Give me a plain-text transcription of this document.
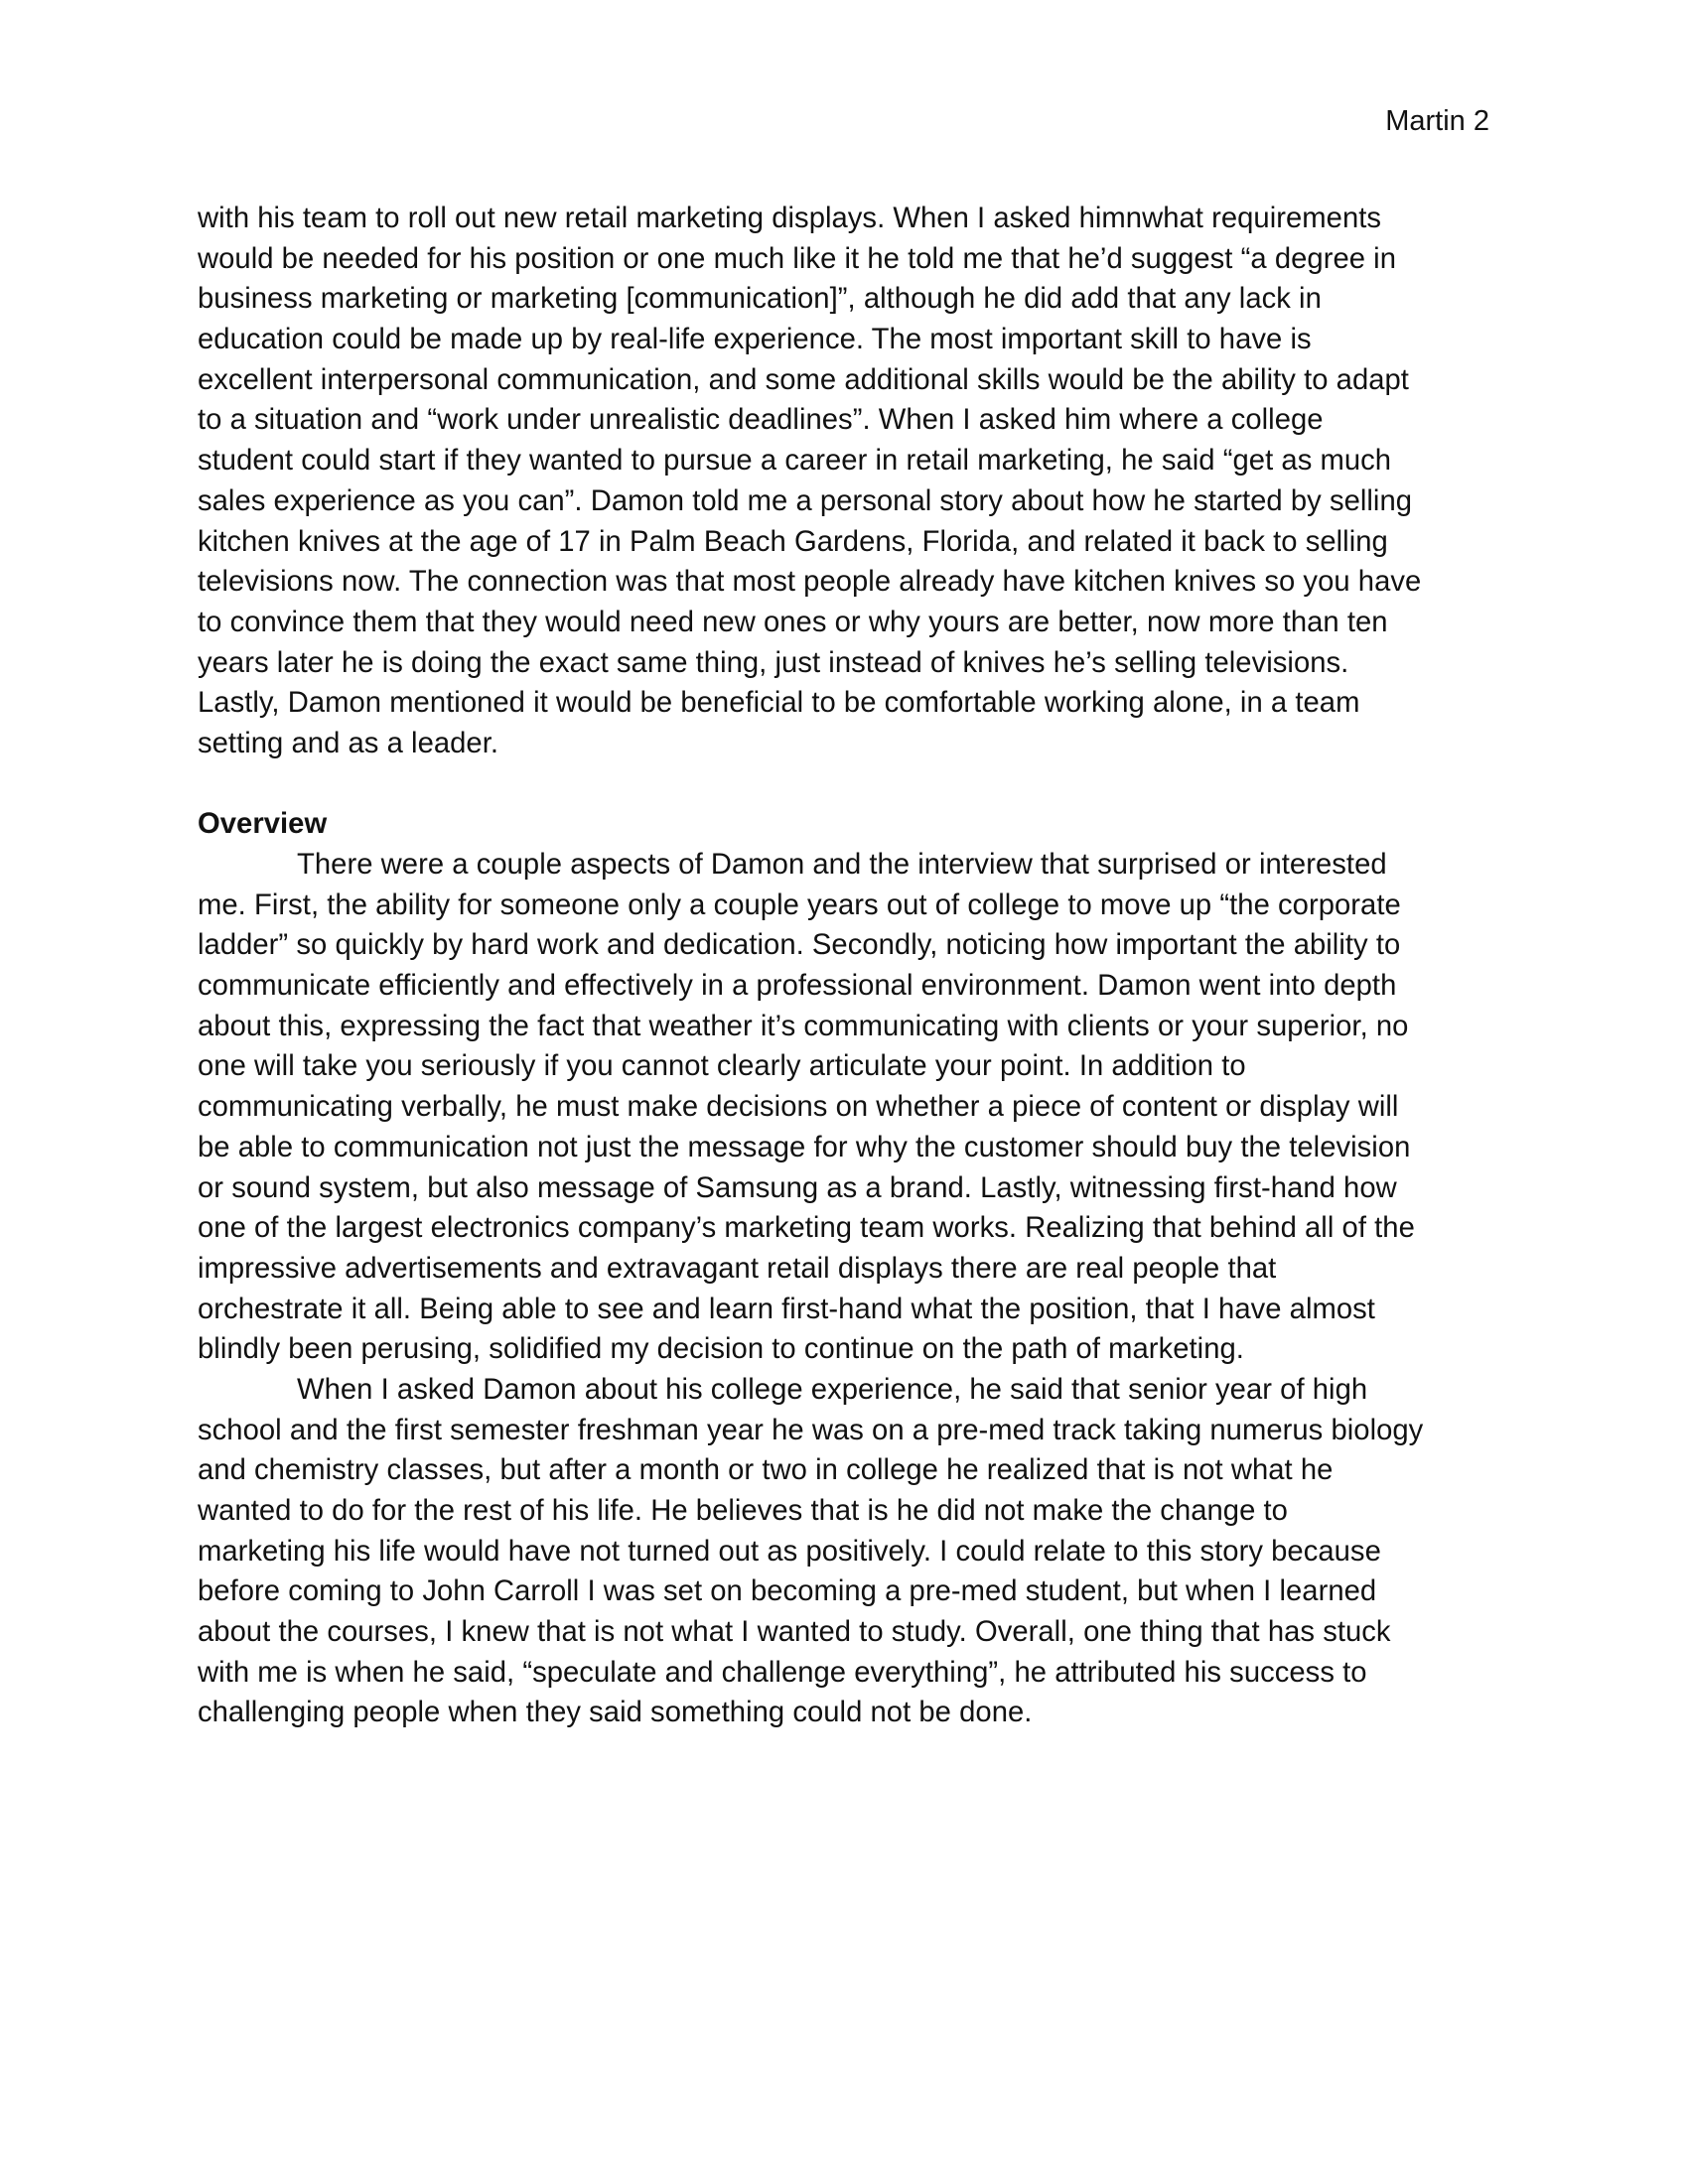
Martin 2
with his team to roll out new retail marketing displays. When I asked himnwhat requirements
would be needed for his position or one much like it he told me that he’d suggest “a degree in
business marketing or marketing [communication]”, although he did add that any lack in
education could be made up by real-life experience. The most important skill to have is
excellent interpersonal communication, and some additional skills would be the ability to adapt
to a situation and “work under unrealistic deadlines”. When I asked him where a college
student could start if they wanted to pursue a career in retail marketing, he said “get as much
sales experience as you can”. Damon told me a personal story about how he started by selling
kitchen knives at the age of 17 in Palm Beach Gardens, Florida, and related it back to selling
televisions now. The connection was that most people already have kitchen knives so you have
to convince them that they would need new ones or why yours are better, now more than ten
years later he is doing the exact same thing, just instead of knives he’s selling televisions.
Lastly, Damon mentioned it would be beneficial to be comfortable working alone, in a team
setting and as a leader.
Overview
There were a couple aspects of Damon and the interview that surprised or interested
me. First, the ability for someone only a couple years out of college to move up “the corporate
ladder” so quickly by hard work and dedication. Secondly, noticing how important the ability to
communicate efficiently and effectively in a professional environment. Damon went into depth
about this, expressing the fact that weather it’s communicating with clients or your superior, no
one will take you seriously if you cannot clearly articulate your point. In addition to
communicating verbally, he must make decisions on whether a piece of content or display will
be able to communication not just the message for why the customer should buy the television
or sound system, but also message of Samsung as a brand. Lastly, witnessing first-hand how
one of the largest electronics company’s marketing team works. Realizing that behind all of the
impressive advertisements and extravagant retail displays there are real people that
orchestrate it all. Being able to see and learn first-hand what the position, that I have almost
blindly been perusing, solidified my decision to continue on the path of marketing.
When I asked Damon about his college experience, he said that senior year of high
school and the first semester freshman year he was on a pre-med track taking numerus biology
and chemistry classes, but after a month or two in college he realized that is not what he
wanted to do for the rest of his life. He believes that is he did not make the change to
marketing his life would have not turned out as positively. I could relate to this story because
before coming to John Carroll I was set on becoming a pre-med student, but when I learned
about the courses, I knew that is not what I wanted to study. Overall, one thing that has stuck
with me is when he said, “speculate and challenge everything”, he attributed his success to
challenging people when they said something could not be done.
